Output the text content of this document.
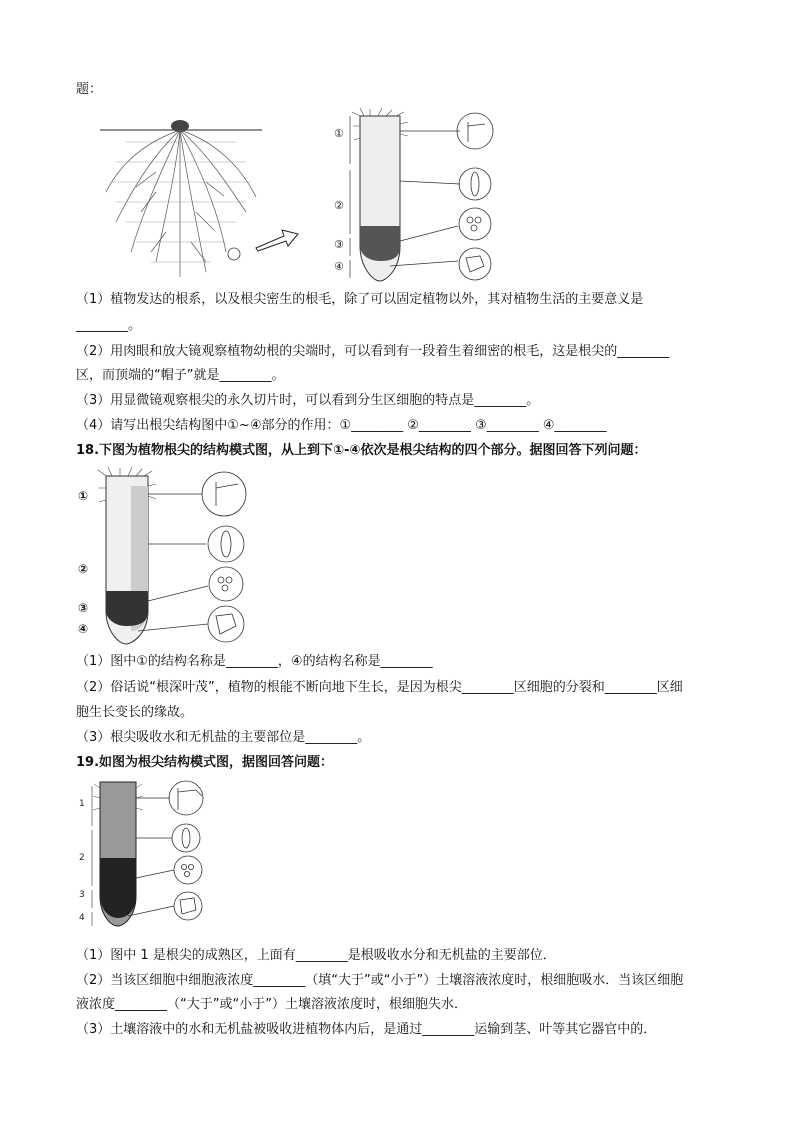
题：
①
②
③
④
（1）植物发达的根系，以及根尖密生的根毛，除了可以固定植物以外，其对植物生活的主要意义是
________。
（2）用肉眼和放大镜观察植物幼根的尖端时，可以看到有一段着生着细密的根毛，这是根尖的________
区，而顶端的“帽子”就是________。
（3）用显微镜观察根尖的永久切片时，可以看到分生区细胞的特点是________。
（4）请写出根尖结构图中①~④部分的作用：①________ ②________ ③________ ④________
18.下图为植物根尖的结构模式图，从上到下①-④依次是根尖结构的四个部分。据图回答下列问题：
①
②
③
④
（1）图中①的结构名称是________，④的结构名称是________
（2）俗话说“根深叶茂”，植物的根能不断向地下生长，是因为根尖________区细胞的分裂和________区细
胞生长变长的缘故。
（3）根尖吸收水和无机盐的主要部位是________。
19.如图为根尖结构模式图，据图回答问题：
1
2
3
4
（1）图中 1 是根尖的成熟区，上面有________是根吸收水分和无机盐的主要部位．
（2）当该区细胞中细胞液浓度________（填“大于”或“小于”）土壤溶液浓度时，根细胞吸水．当该区细胞
液浓度________（“大于”或“小于”）土壤溶液浓度时，根细胞失水．
（3）土壤溶液中的水和无机盐被吸收进植物体内后，是通过________运输到茎、叶等其它器官中的．
